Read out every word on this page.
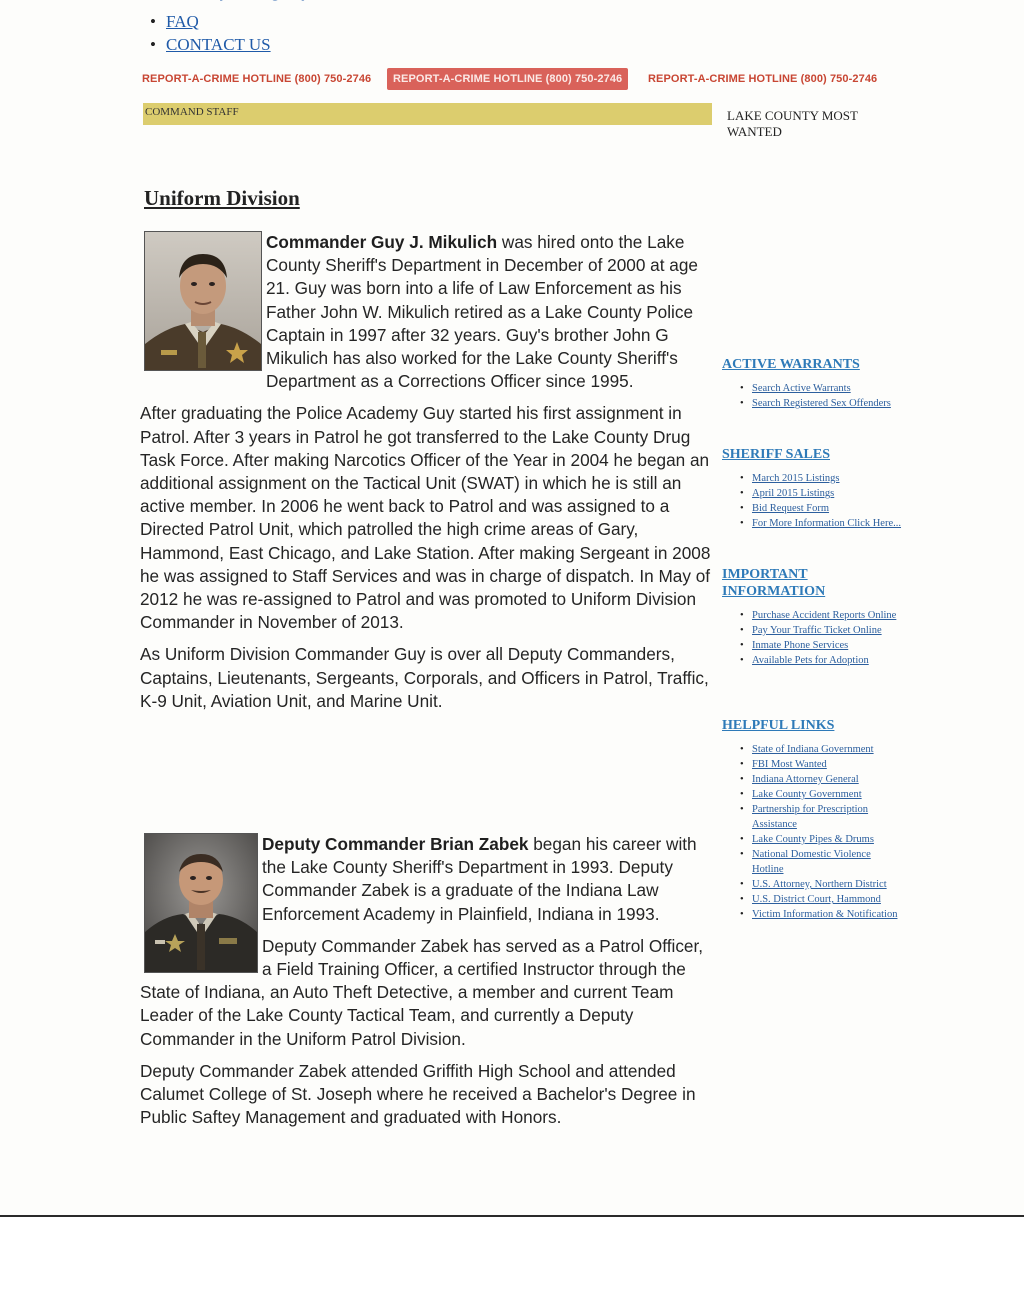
• FAQ
• CONTACT US
REPORT-A-CRIME HOTLINE (800) 750-2746	REPORT-A-CRIME HOTLINE (800) 750-2746	REPORT-A-CRIME HOTLINE (800) 750-2746
COMMAND STAFF	LAKE COUNTY MOST WANTED
Uniform Division

Commander Guy J. Mikulich was hired onto the Lake County Sheriff's Department in December of 2000 at age 21. Guy was born into a life of Law Enforcement as his Father John W. Mikulich retired as a Lake County Police Captain in 1997 after 32 years. Guy's brother John G Mikulich has also worked for the Lake County Sheriff's Department as a Corrections Officer since 1995.

After graduating the Police Academy Guy started his first assignment in Patrol. After 3 years in Patrol he got transferred to the Lake County Drug Task Force. After making Narcotics Officer of the Year in 2004 he began an additional assignment on the Tactical Unit (SWAT) in which he is still an active member. In 2006 he went back to Patrol and was assigned to a Directed Patrol Unit, which patrolled the high crime areas of Gary, Hammond, East Chicago, and Lake Station. After making Sergeant in 2008 he was assigned to Staff Services and was in charge of dispatch. In May of 2012 he was re-assigned to Patrol and was promoted to Uniform Division Commander in November of 2013.

As Uniform Division Commander Guy is over all Deputy Commanders, Captains, Lieutenants, Sergeants, Corporals, and Officers in Patrol, Traffic, K-9 Unit, Aviation Unit, and Marine Unit.

Deputy Commander Brian Zabek began his career with the Lake County Sheriff's Department in 1993. Deputy Commander Zabek is a graduate of the Indiana Law Enforcement Academy in Plainfield, Indiana in 1993.

Deputy Commander Zabek has served as a Patrol Officer, a Field Training Officer, a certified Instructor through the State of Indiana, an Auto Theft Detective, a member and current Team Leader of the Lake County Tactical Team, and currently a Deputy Commander in the Uniform Patrol Division.

Deputy Commander Zabek attended Griffith High School and attended Calumet College of St. Joseph where he received a Bachelor's Degree in Public Saftey Management and graduated with Honors.

ACTIVE WARRANTS
• Search Active Warrants
• Search Registered Sex Offenders
SHERIFF SALES
• March 2015 Listings
• April 2015 Listings
• Bid Request Form
• For More Information Click Here...
IMPORTANT INFORMATION
• Purchase Accident Reports Online
• Pay Your Traffic Ticket Online
• Inmate Phone Services
• Available Pets for Adoption
HELPFUL LINKS
• State of Indiana Government
• FBI Most Wanted
• Indiana Attorney General
• Lake County Government
• Partnership for Prescription Assistance
• Lake County Pipes & Drums
• National Domestic Violence Hotline
• U.S. Attorney, Northern District
• U.S. District Court, Hammond
• Victim Information & Notification
